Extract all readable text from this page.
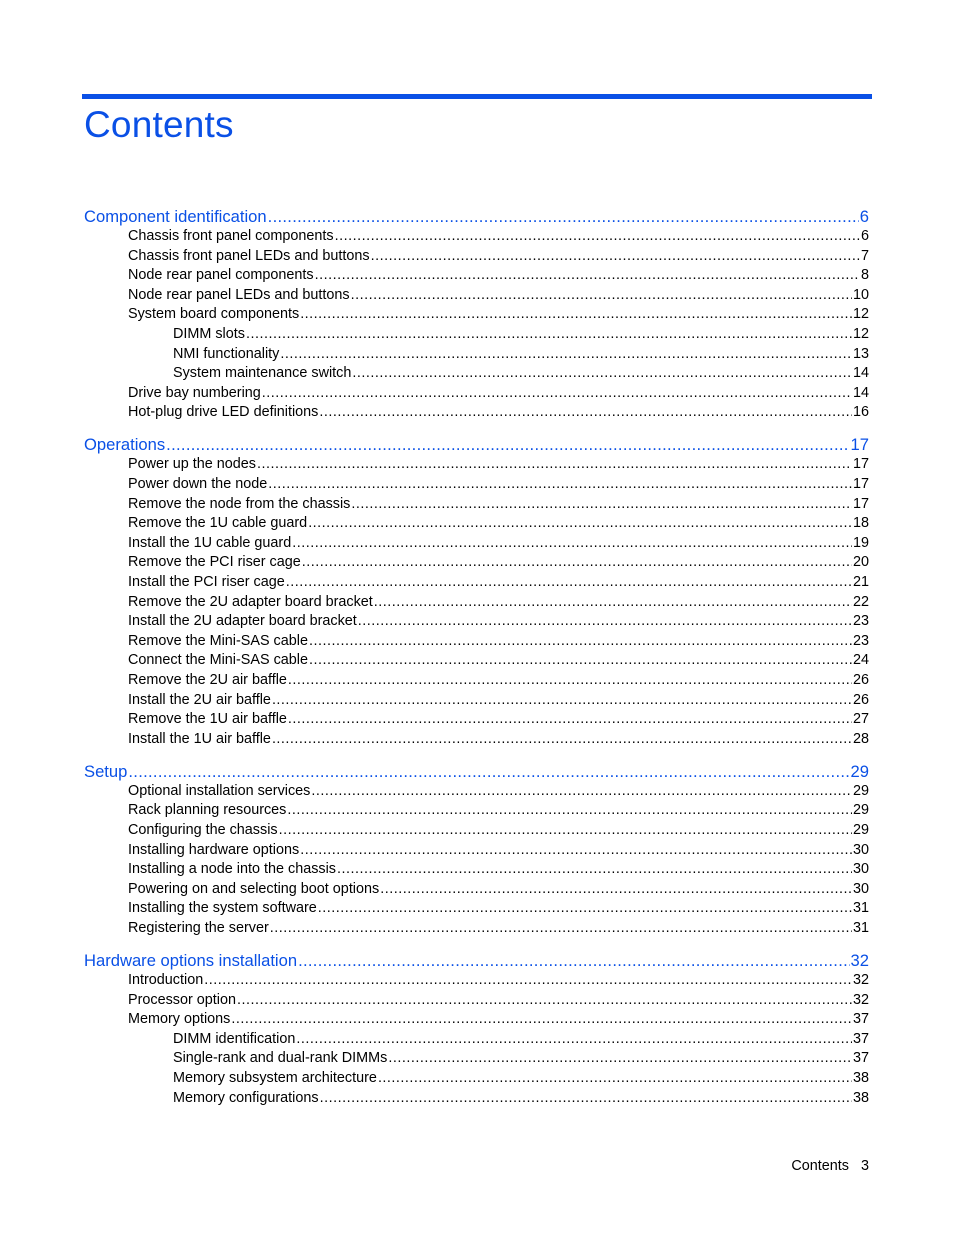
Contents
Component identification .....	6
Chassis front panel components .....	6
Chassis front panel LEDs and buttons .....	7
Node rear panel components .....	8
Node rear panel LEDs and buttons .....	10
System board components .....	12
DIMM slots .....	12
NMI functionality .....	13
System maintenance switch .....	14
Drive bay numbering .....	14
Hot-plug drive LED definitions .....	16
Operations .....	17
Power up the nodes .....	17
Power down the node .....	17
Remove the node from the chassis .....	17
Remove the 1U cable guard .....	18
Install the 1U cable guard .....	19
Remove the PCI riser cage .....	20
Install the PCI riser cage .....	21
Remove the 2U adapter board bracket .....	22
Install the 2U adapter board bracket .....	23
Remove the Mini-SAS cable .....	23
Connect the Mini-SAS cable .....	24
Remove the 2U air baffle .....	26
Install the 2U air baffle .....	26
Remove the 1U air baffle .....	27
Install the 1U air baffle .....	28
Setup .....	29
Optional installation services .....	29
Rack planning resources .....	29
Configuring the chassis .....	29
Installing hardware options .....	30
Installing a node into the chassis .....	30
Powering on and selecting boot options .....	30
Installing the system software .....	31
Registering the server .....	31
Hardware options installation .....	32
Introduction .....	32
Processor option .....	32
Memory options .....	37
DIMM identification .....	37
Single-rank and dual-rank DIMMs .....	37
Memory subsystem architecture .....	38
Memory configurations .....	38
Contents 3
